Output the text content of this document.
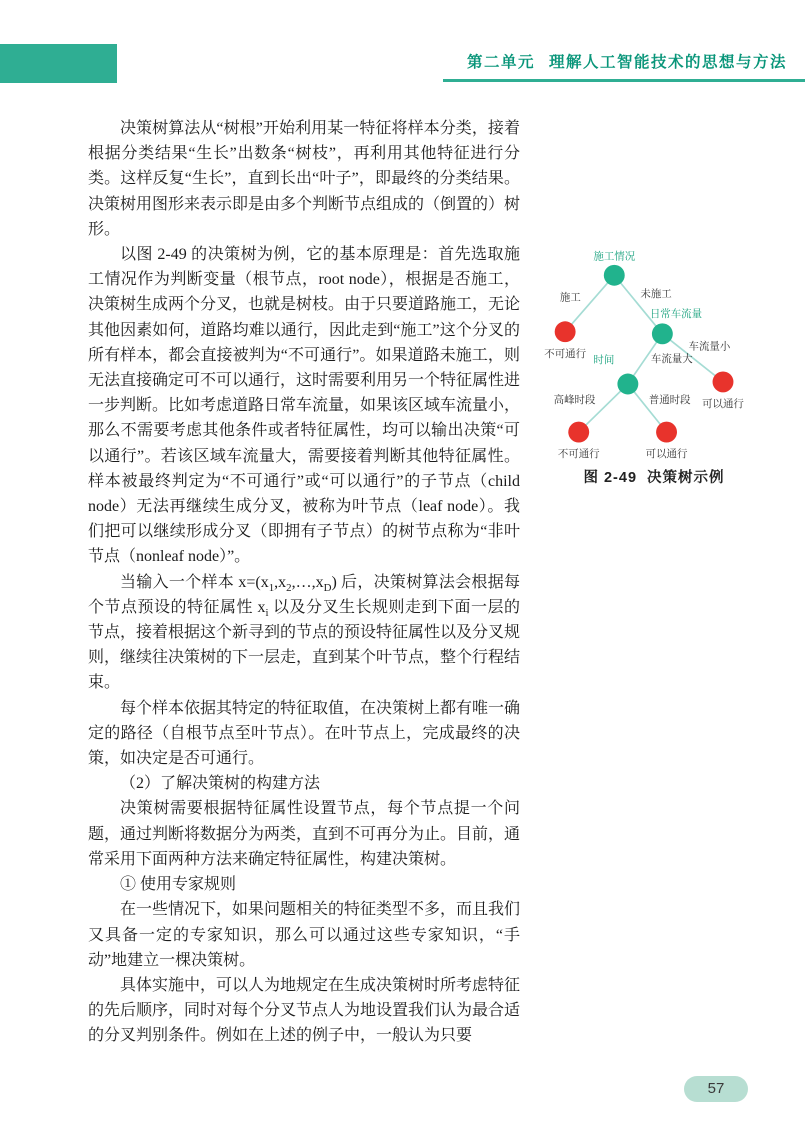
第二单元 理解人工智能技术的思想与方法

决策树算法从“树根”开始利用某一特征将样本分类，接着根据分类结果“生长”出数条“树枝”，再利用其他特征进行分类。这样反复“生长”，直到长出“叶子”，即最终的分类结果。决策树用图形来表示即是由多个判断节点组成的（倒置的）树形。

以图 2-49 的决策树为例，它的基本原理是：首先选取施工情况作为判断变量（根节点，root node），根据是否施工，决策树生成两个分叉，也就是树枝。由于只要道路施工，无论其他因素如何，道路均难以通行，因此走到“施工”这个分叉的所有样本，都会直接被判为“不可通行”。如果道路未施工，则无法直接确定可不可以通行，这时需要利用另一个特征属性进一步判断。比如考虑道路日常车流量，如果该区域车流量小，那么不需要考虑其他条件或者特征属性，均可以输出决策“可以通行”。若该区域车流量大，需要接着判断其他特征属性。样本被最终判定为“不可通行”或“可以通行”的子节点（child node）无法再继续生成分叉，被称为叶节点（leaf node）。我们把可以继续形成分叉（即拥有子节点）的树节点称为“非叶节点（nonleaf node）”。

当输入一个样本 $x=(x_1,x_2,\dots,x_D)$ 后，决策树算法会根据每个节点预设的特征属性 $x_i$ 以及分叉生长规则走到下面一层的节点，接着根据这个新寻到的节点的预设特征属性以及分叉规则，继续往决策树的下一层走，直到某个叶节点，整个行程结束。

每个样本依据其特定的特征取值，在决策树上都有唯一确定的路径（自根节点至叶节点）。在叶节点上，完成最终的决策，如决定是否可通行。

（2）了解决策树的构建方法

决策树需要根据特征属性设置节点，每个节点提一个问题，通过判断将数据分为两类，直到不可再分为止。目前，通常采用下面两种方法来确定特征属性，构建决策树。

① 使用专家规则

在一些情况下，如果问题相关的特征类型不多，而且我们又具备一定的专家知识，那么可以通过这些专家知识，“手动”地建立一棵决策树。

具体实施中，可以人为地规定在生成决策树时所考虑特征的先后顺序，同时对每个分叉节点人为地设置我们认为最合适的分叉判别条件。例如在上述的例子中，一般认为只要

施工情况
日常车流量
时间
施工	未施工
车流量大
车流量小
高峰时段	普通时段
不可通行
可以通行
不可通行	可以通行
图 2-49 决策树示例
57
